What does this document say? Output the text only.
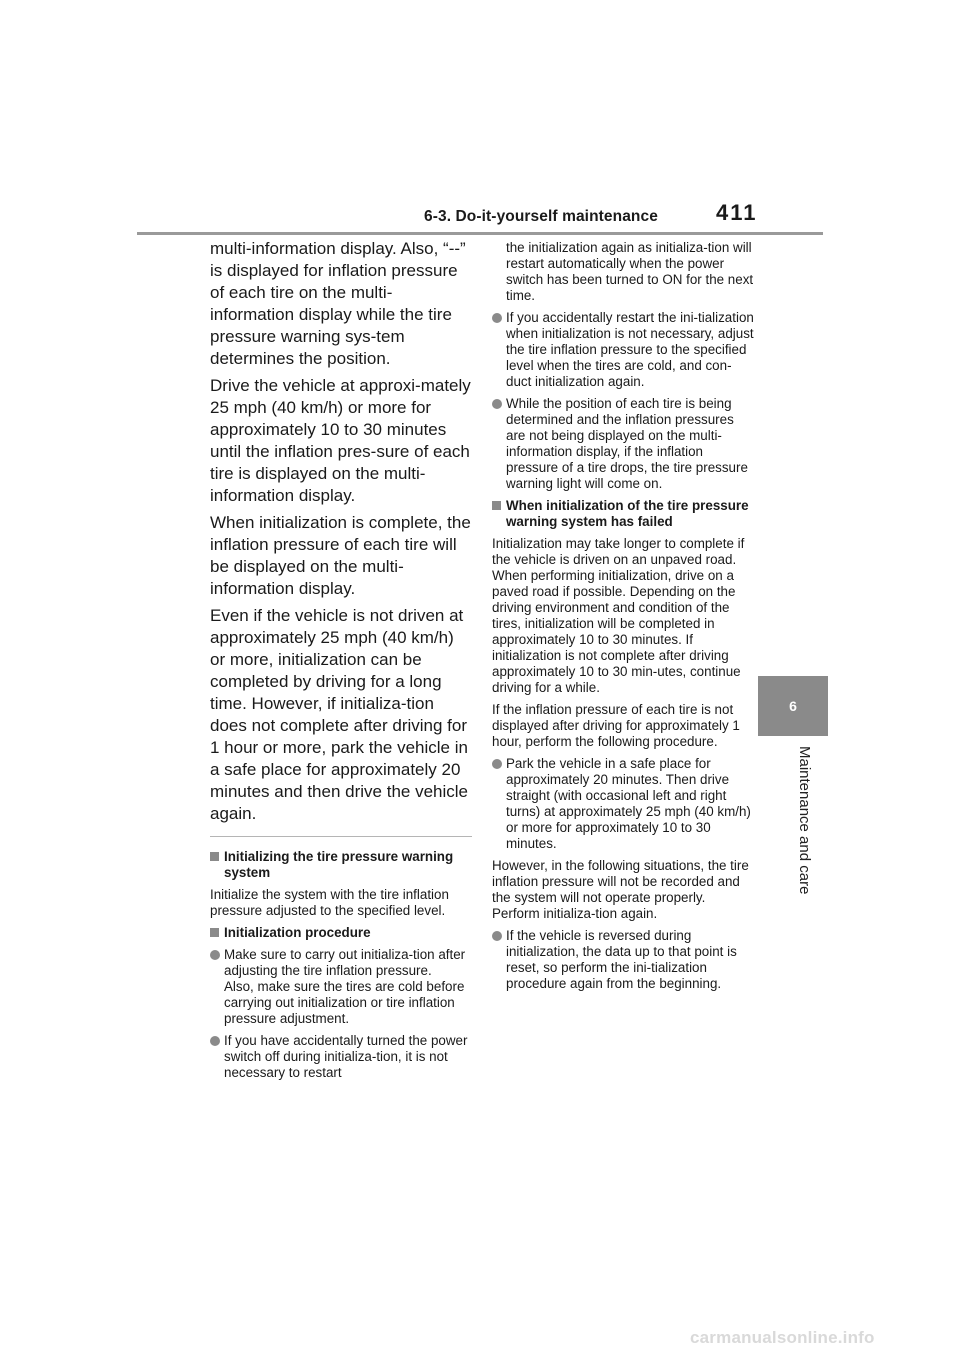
6-3. Do-it-yourself maintenance	411
6
Maintenance and care

multi-information display. Also, “--” is displayed for inflation pressure of each tire on the multi-information display while the tire pressure warning sys-tem determines the position.

Drive the vehicle at approxi-mately 25 mph (40 km/h) or more for approximately 10 to 30 minutes until the inflation pres-sure of each tire is displayed on the multi-information display.

When initialization is complete, the inflation pressure of each tire will be displayed on the multi-information display.

Even if the vehicle is not driven at approximately 25 mph (40 km/h) or more, initialization can be completed by driving for a long time. However, if initializa-tion does not complete after driving for 1 hour or more, park the vehicle in a safe place for approximately 20 minutes and then drive the vehicle again.

Initializing the tire pressure warning system

Initialize the system with the tire inflation pressure adjusted to the specified level.

Initialization procedure
Make sure to carry out initializa-tion after adjusting the tire inflation pressure.
Also, make sure the tires are cold before carrying out initialization or tire inflation pressure adjustment.
If you have accidentally turned the power switch off during initializa-tion, it is not necessary to restart

the initialization again as initializa-tion will restart automatically when the power switch has been turned to ON for the next time.

If you accidentally restart the ini-tialization when initialization is not necessary, adjust the tire inflation pressure to the specified level when the tires are cold, and con-duct initialization again.
While the position of each tire is being determined and the inflation pressures are not being displayed on the multi-information display, if the inflation pressure of a tire drops, the tire pressure warning light will come on.
When initialization of the tire pressure warning system has failed

Initialization may take longer to complete if the vehicle is driven on an unpaved road. When performing initialization, drive on a paved road if possible. Depending on the driving environment and condition of the tires, initialization will be completed in approximately 10 to 30 minutes. If initialization is not complete after driving approximately 10 to 30 min-utes, continue driving for a while.

If the inflation pressure of each tire is not displayed after driving for approximately 1 hour, perform the following procedure.

Park the vehicle in a safe place for approximately 20 minutes. Then drive straight (with occasional left and right turns) at approximately 25 mph (40 km/h) or more for approximately 10 to 30 minutes.

However, in the following situations, the tire inflation pressure will not be recorded and the system will not operate properly. Perform initializa-tion again.

If the vehicle is reversed during initialization, the data up to that point is reset, so perform the ini-tialization procedure again from the beginning.
carmanualsonline.info
